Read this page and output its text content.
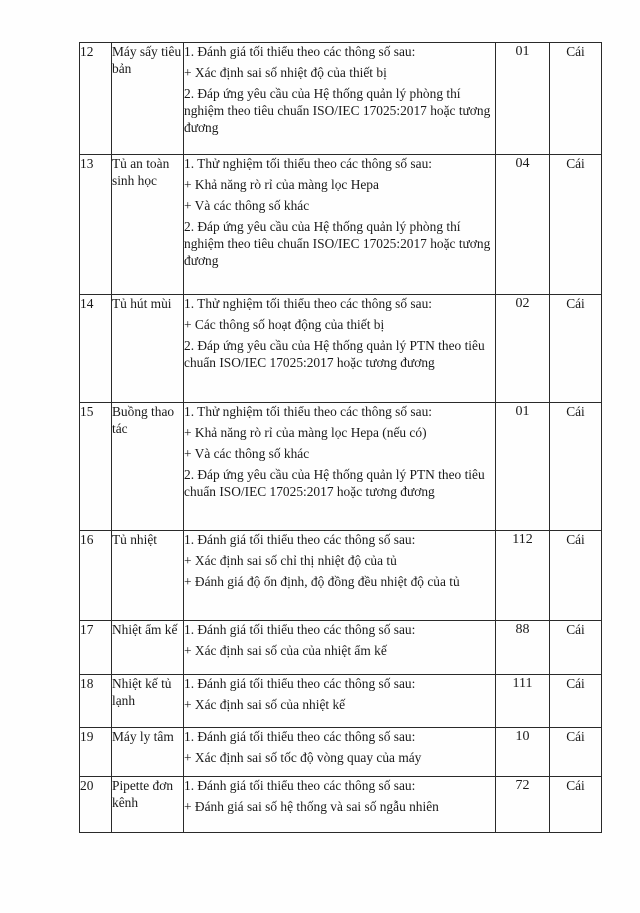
12	Máy sấy tiêu bản	1. Đánh giá tối thiểu theo các thông số sau:

+ Xác định sai số nhiệt độ của thiết bị

2. Đáp ứng yêu cầu của Hệ thống quản lý phòng thí nghiệm theo tiêu chuẩn ISO/IEC 17025:2017 hoặc tương đương	01	Cái
13	Tủ an toàn sinh học	1. Thử nghiệm tối thiểu theo các thông số sau:

+ Khả năng rò rỉ của màng lọc Hepa

+ Và các thông số khác

2. Đáp ứng yêu cầu của Hệ thống quản lý phòng thí nghiệm theo tiêu chuẩn ISO/IEC 17025:2017 hoặc tương đương	04	Cái
14	Tủ hút mùi	1. Thử nghiệm tối thiểu theo các thông số sau:

+ Các thông số hoạt động của thiết bị

2. Đáp ứng yêu cầu của Hệ thống quản lý PTN theo tiêu chuẩn ISO/IEC 17025:2017 hoặc tương đương	02	Cái
15	Buồng thao tác	1. Thử nghiệm tối thiểu theo các thông số sau:

+ Khả năng rò rỉ của màng lọc Hepa (nếu có)

+ Và các thông số khác

2. Đáp ứng yêu cầu của Hệ thống quản lý PTN theo tiêu chuẩn ISO/IEC 17025:2017 hoặc tương đương	01	Cái
16	Tủ nhiệt	1. Đánh giá tối thiểu theo các thông số sau:

+ Xác định sai số chỉ thị nhiệt độ của tủ

+ Đánh giá độ ổn định, độ đồng đều nhiệt độ của tủ	112	Cái
17	Nhiệt ẩm kế	1. Đánh giá tối thiểu theo các thông số sau:

+ Xác định sai số của của nhiệt ẩm kế	88	Cái
18	Nhiệt kế tủ lạnh	1. Đánh giá tối thiểu theo các thông số sau:

+ Xác định sai số của nhiệt kế	111	Cái
19	Máy ly tâm	1. Đánh giá tối thiểu theo các thông số sau:

+ Xác định sai số tốc độ vòng quay của máy	10	Cái
20	Pipette đơn kênh	1. Đánh giá tối thiểu theo các thông số sau:

+ Đánh giá sai số hệ thống và sai số ngẫu nhiên	72	Cái
